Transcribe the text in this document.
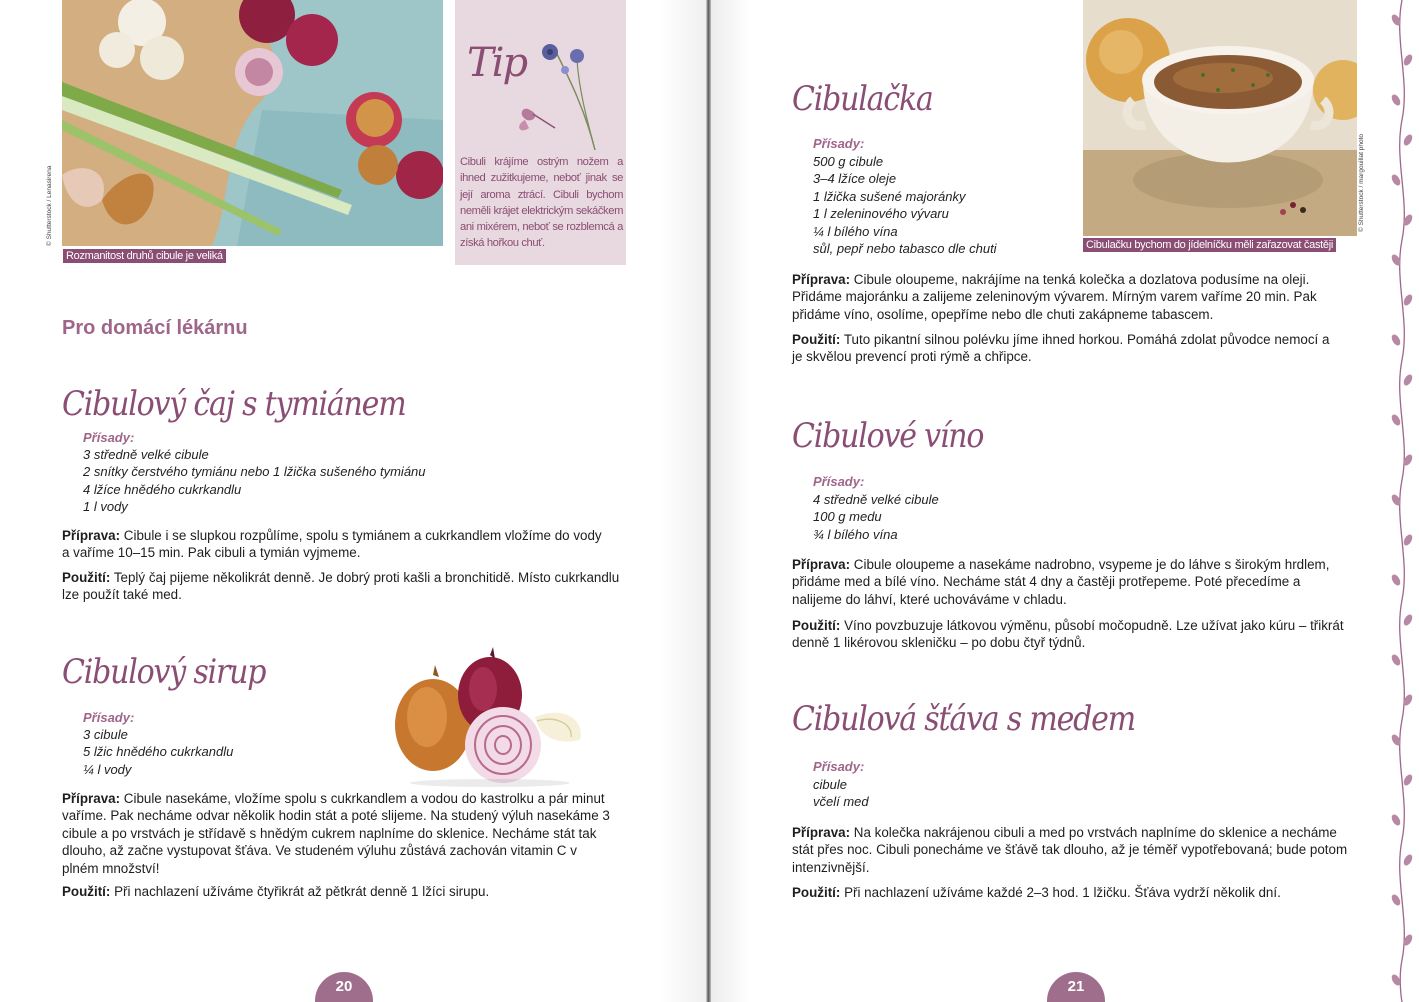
© Shutterstock / Lenasirena
Rozmanitost druhů cibule je veliká
Tip
Cibuli krájíme ostrým nožem a ihned zužitkujeme, neboť jinak se její aroma ztrácí. Cibuli bychom neměli krájet elektrickým sekáčkem ani mixérem, neboť se rozblemcá a získá hořkou chuť.
Pro domácí lékárnu
Cibulový čaj s tymiánem
Přísady:
3 středně velké cibule
2 snítky čerstvého tymiánu nebo 1 lžička sušeného tymiánu
4 lžíce hnědého cukrkandlu
1 l vody
Příprava: Cibule i se slupkou rozpůlíme, spolu s tymiánem a cukrkandlem vložíme do vody a vaříme 10–15 min. Pak cibuli a tymián vyjmeme.
Použití: Teplý čaj pijeme několikrát denně. Je dobrý proti kašli a bronchitidě. Místo cukrkandlu lze použít také med.
Cibulový sirup
Přísady:
3 cibule
5 lžic hnědého cukrkandlu
¼ l vody
Příprava: Cibule nasekáme, vložíme spolu s cukrkandlem a vodou do kastrolku a pár minut vaříme. Pak necháme odvar několik hodin stát a poté slijeme. Na studený výluh nasekáme 3 cibule a po vrstvách je střídavě s hnědým cukrem naplníme do sklenice. Necháme stát tak dlouho, až začne vystupovat šťáva. Ve studeném výluhu zůstává zachován vitamin C v plném množství!
Použití: Při nachlazení užíváme čtyřikrát až pětkrát denně 1 lžíci sirupu.
20	21
© Shutterstock / margouillat photo
Cibulačku bychom do jídelníčku měli zařazovat častěji
Cibulačka
Přísady:
500 g cibule
3–4 lžíce oleje
1 lžička sušené majoránky
1 l zeleninového vývaru
¼ l bílého vína
sůl, pepř nebo tabasco dle chuti
Příprava: Cibule oloupeme, nakrájíme na tenká kolečka a dozlatova podusíme na oleji. Přidáme majoránku a zalijeme zeleninovým vývarem. Mírným varem vaříme 20 min. Pak přidáme víno, osolíme, opepříme nebo dle chuti zakápneme tabascem.
Použití: Tuto pikantní silnou polévku jíme ihned horkou. Pomáhá zdolat původce nemocí a je skvělou prevencí proti rýmě a chřipce.
Cibulové víno
Přísady:
4 středně velké cibule
100 g medu
¾ l bílého vína
Příprava: Cibule oloupeme a nasekáme nadrobno, vsypeme je do láhve s širokým hrdlem, přidáme med a bílé víno. Necháme stát 4 dny a častěji protřepeme. Poté přecedíme a nalijeme do láhví, které uchováváme v chladu.
Použití: Víno povzbuzuje látkovou výměnu, působí močopudně. Lze užívat jako kúru – třikrát denně 1 likérovou skleničku – po dobu čtyř týdnů.
Cibulová šťáva s medem
Přísady:
cibule
včelí med
Příprava: Na kolečka nakrájenou cibuli a med po vrstvách naplníme do sklenice a necháme stát přes noc. Cibuli ponecháme ve šťávě tak dlouho, až je téměř vypotřebovaná; bude potom intenzivnější.
Použití: Při nachlazení užíváme každé 2–3 hod. 1 lžičku. Šťáva vydrží několik dní.
